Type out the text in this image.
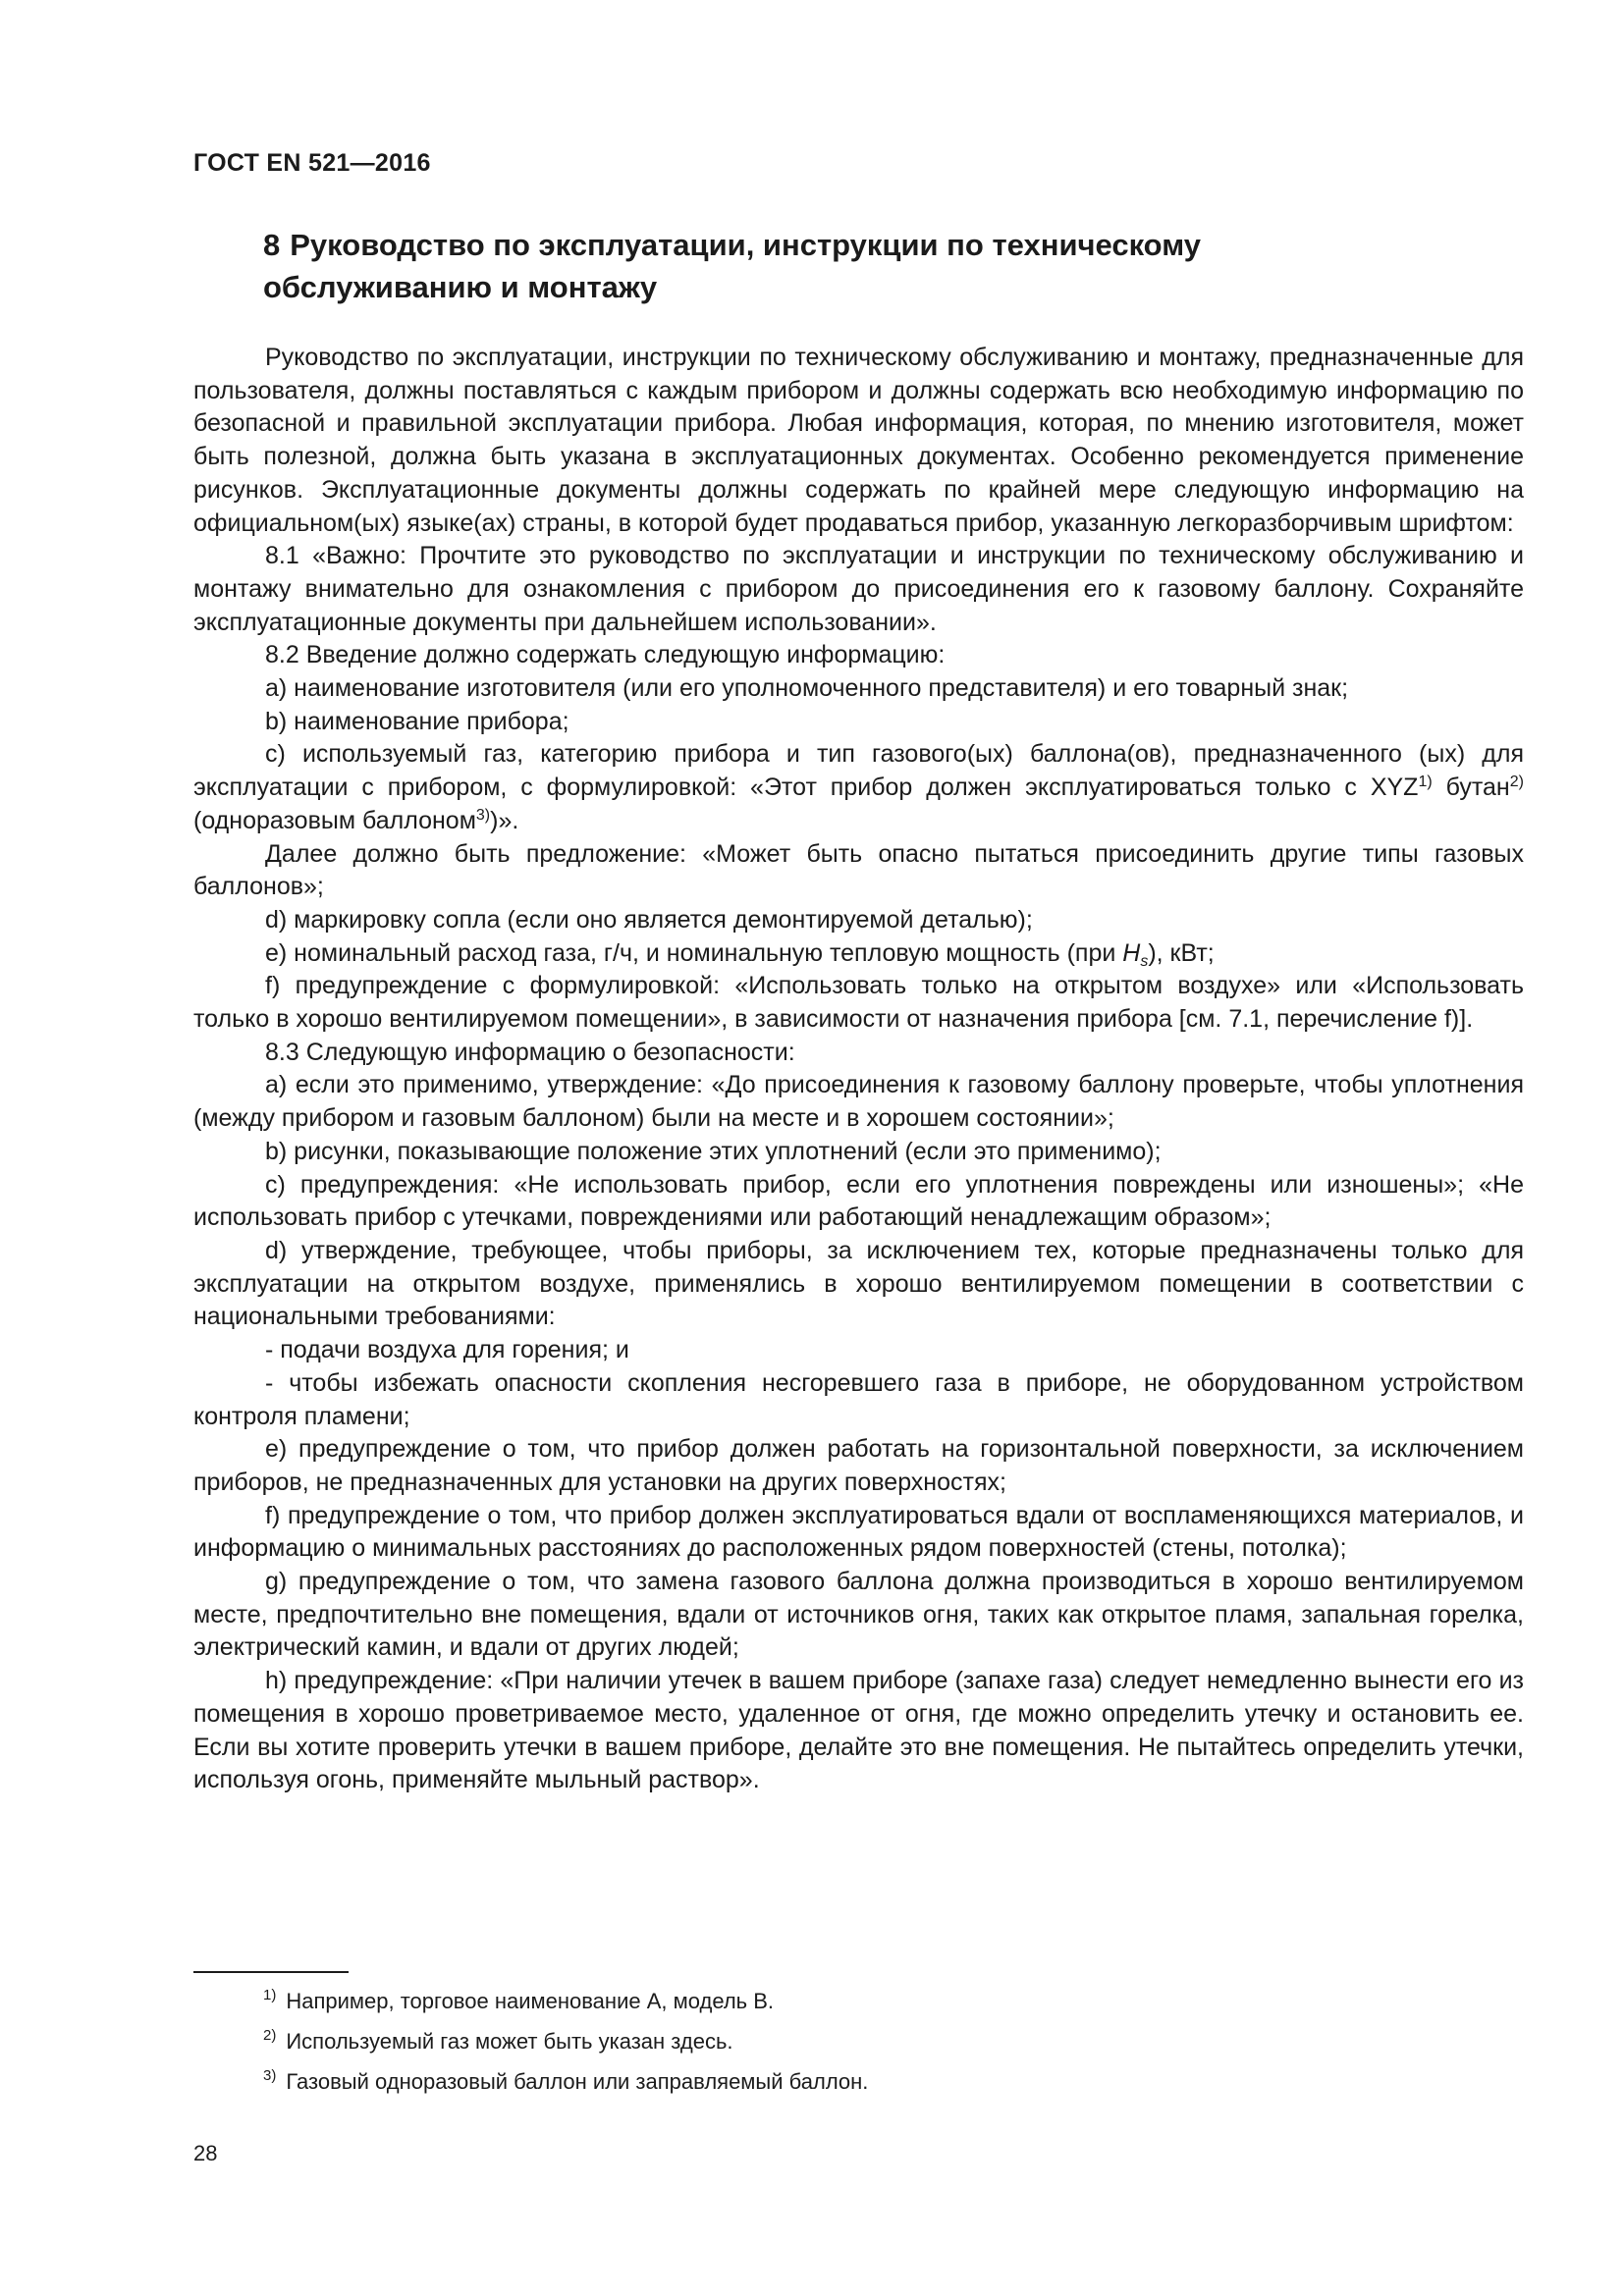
ГОСТ EN 521—2016
8 Руководство по эксплуатации, инструкции по техническому обслуживанию и монтажу

Руководство по эксплуатации, инструкции по техническому обслуживанию и монтажу, предназначенные для пользователя, должны поставляться с каждым прибором и должны содержать всю необходимую информацию по безопасной и правильной эксплуатации прибора. Любая информация, которая, по мнению изготовителя, может быть полезной, должна быть указана в эксплуатационных документах. Особенно рекомендуется применение рисунков. Эксплуатационные документы должны содержать по крайней мере следующую информацию на официальном(ых) языке(ах) страны, в которой будет продаваться прибор, указанную легкоразборчивым шрифтом:

8.1 «Важно: Прочтите это руководство по эксплуатации и инструкции по техническому обслуживанию и монтажу внимательно для ознакомления с прибором до присоединения его к газовому баллону. Сохраняйте эксплуатационные документы при дальнейшем использовании».

8.2 Введение должно содержать следующую информацию:

a) наименование изготовителя (или его уполномоченного представителя) и его товарный знак;

b) наименование прибора;

c) используемый газ, категорию прибора и тип газового(ых) баллона(ов), предназначенного (ых) для эксплуатации с прибором, с формулировкой: «Этот прибор должен эксплуатироваться только с XYZ$^{1)}$ бутан$^{2)}$ (одноразовым баллоном$^{3)}$)».

Далее должно быть предложение: «Может быть опасно пытаться присоединить другие типы газовых баллонов»;

d) маркировку сопла (если оно является демонтируемой деталью);

e) номинальный расход газа, г/ч, и номинальную тепловую мощность (при $H_s$), кВт;

f) предупреждение с формулировкой: «Использовать только на открытом воздухе» или «Использовать только в хорошо вентилируемом помещении», в зависимости от назначения прибора [см. 7.1, перечисление f)].

8.3 Следующую информацию о безопасности:

a) если это применимо, утверждение: «До присоединения к газовому баллону проверьте, чтобы уплотнения (между прибором и газовым баллоном) были на месте и в хорошем состоянии»;

b) рисунки, показывающие положение этих уплотнений (если это применимо);

c) предупреждения: «Не использовать прибор, если его уплотнения повреждены или изношены»; «Не использовать прибор с утечками, повреждениями или работающий ненадлежащим образом»;

d) утверждение, требующее, чтобы приборы, за исключением тех, которые предназначены только для эксплуатации на открытом воздухе, применялись в хорошо вентилируемом помещении в соответствии с национальными требованиями:

- подачи воздуха для горения; и

- чтобы избежать опасности скопления несгоревшего газа в приборе, не оборудованном устройством контроля пламени;

e) предупреждение о том, что прибор должен работать на горизонтальной поверхности, за исключением приборов, не предназначенных для установки на других поверхностях;

f) предупреждение о том, что прибор должен эксплуатироваться вдали от воспламеняющихся материалов, и информацию о минимальных расстояниях до расположенных рядом поверхностей (стены, потолка);

g) предупреждение о том, что замена газового баллона должна производиться в хорошо вентилируемом месте, предпочтительно вне помещения, вдали от источников огня, таких как открытое пламя, запальная горелка, электрический камин, и вдали от других людей;

h) предупреждение: «При наличии утечек в вашем приборе (запахе газа) следует немедленно вынести его из помещения в хорошо проветриваемое место, удаленное от огня, где можно определить утечку и остановить ее. Если вы хотите проверить утечки в вашем приборе, делайте это вне помещения. Не пытайтесь определить утечки, используя огонь, применяйте мыльный раствор».

$^{1)}$ Например, торговое наименование А, модель В.

$^{2)}$ Используемый газ может быть указан здесь.

$^{3)}$ Газовый одноразовый баллон или заправляемый баллон.

28
